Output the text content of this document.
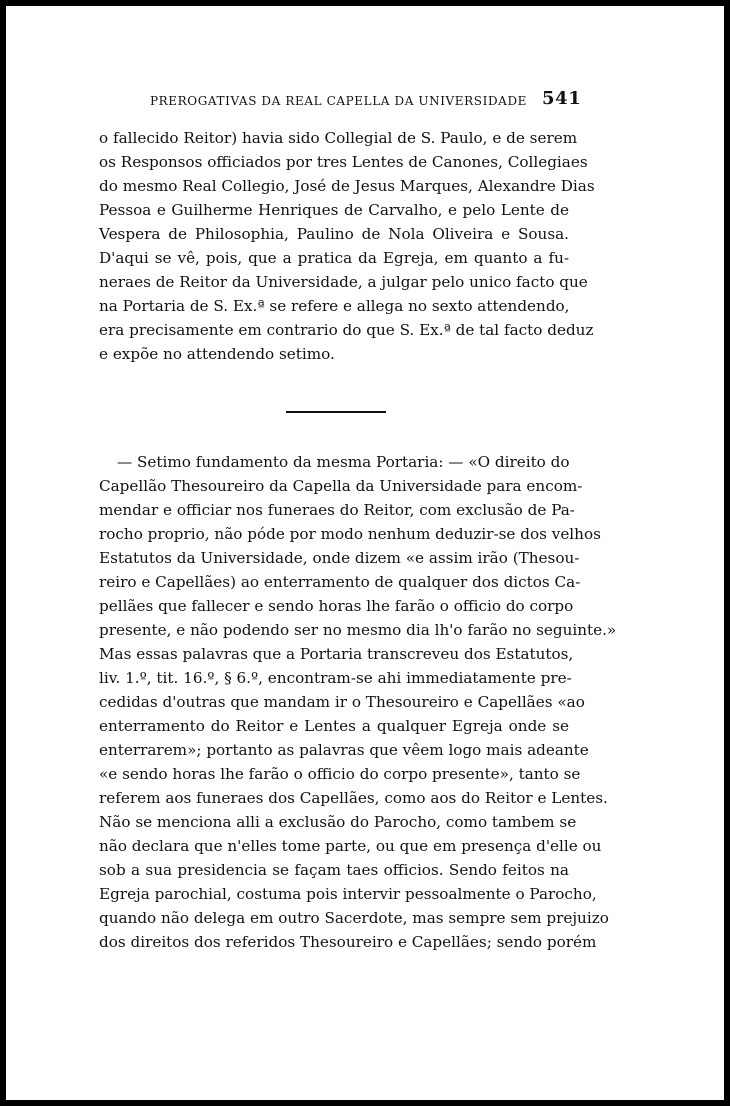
PREROGATIVAS DA REAL CAPELLA DA UNIVERSIDADE 541
o fallecido Reitor) havia sido Collegial de S. Paulo, e de serem
os Responsos officiados por tres Lentes de Canones, Collegiaes
do mesmo Real Collegio, José de Jesus Marques, Alexandre Dias
Pessoa e Guilherme Henriques de Carvalho, e pelo Lente de
Vespera de Philosophia, Paulino de Nola Oliveira e Sousa.
D'aqui se vê, pois, que a pratica da Egreja, em quanto a fu-
neraes de Reitor da Universidade, a julgar pelo unico facto que
na Portaria de S. Ex.ª se refere e allega no sexto attendendo,
era precisamente em contrario do que S. Ex.ª de tal facto deduz
e expõe no attendendo setimo.
— Setimo fundamento da mesma Portaria: — «O direito do
Capellão Thesoureiro da Capella da Universidade para encom-
mendar e officiar nos funeraes do Reitor, com exclusão de Pa-
rocho proprio, não póde por modo nenhum deduzir-se dos velhos
Estatutos da Universidade, onde dizem «e assim irão (Thesou-
reiro e Capellães) ao enterramento de qualquer dos dictos Ca-
pellães que fallecer e sendo horas lhe farão o officio do corpo
presente, e não podendo ser no mesmo dia lh'o farão no seguinte.»
Mas essas palavras que a Portaria transcreveu dos Estatutos,
liv. 1.º, tit. 16.º, § 6.º, encontram-se ahi immediatamente pre-
cedidas d'outras que mandam ir o Thesoureiro e Capellães «ao
enterramento do Reitor e Lentes a qualquer Egreja onde se
enterrarem»; portanto as palavras que vêem logo mais adeante
«e sendo horas lhe farão o officio do corpo presente», tanto se
referem aos funeraes dos Capellães, como aos do Reitor e Lentes.
Não se menciona alli a exclusão do Parocho, como tambem se
não declara que n'elles tome parte, ou que em presença d'elle ou
sob a sua presidencia se façam taes officios. Sendo feitos na
Egreja parochial, costuma pois intervir pessoalmente o Parocho,
quando não delega em outro Sacerdote, mas sempre sem prejuizo
dos direitos dos referidos Thesoureiro e Capellães; sendo porém
